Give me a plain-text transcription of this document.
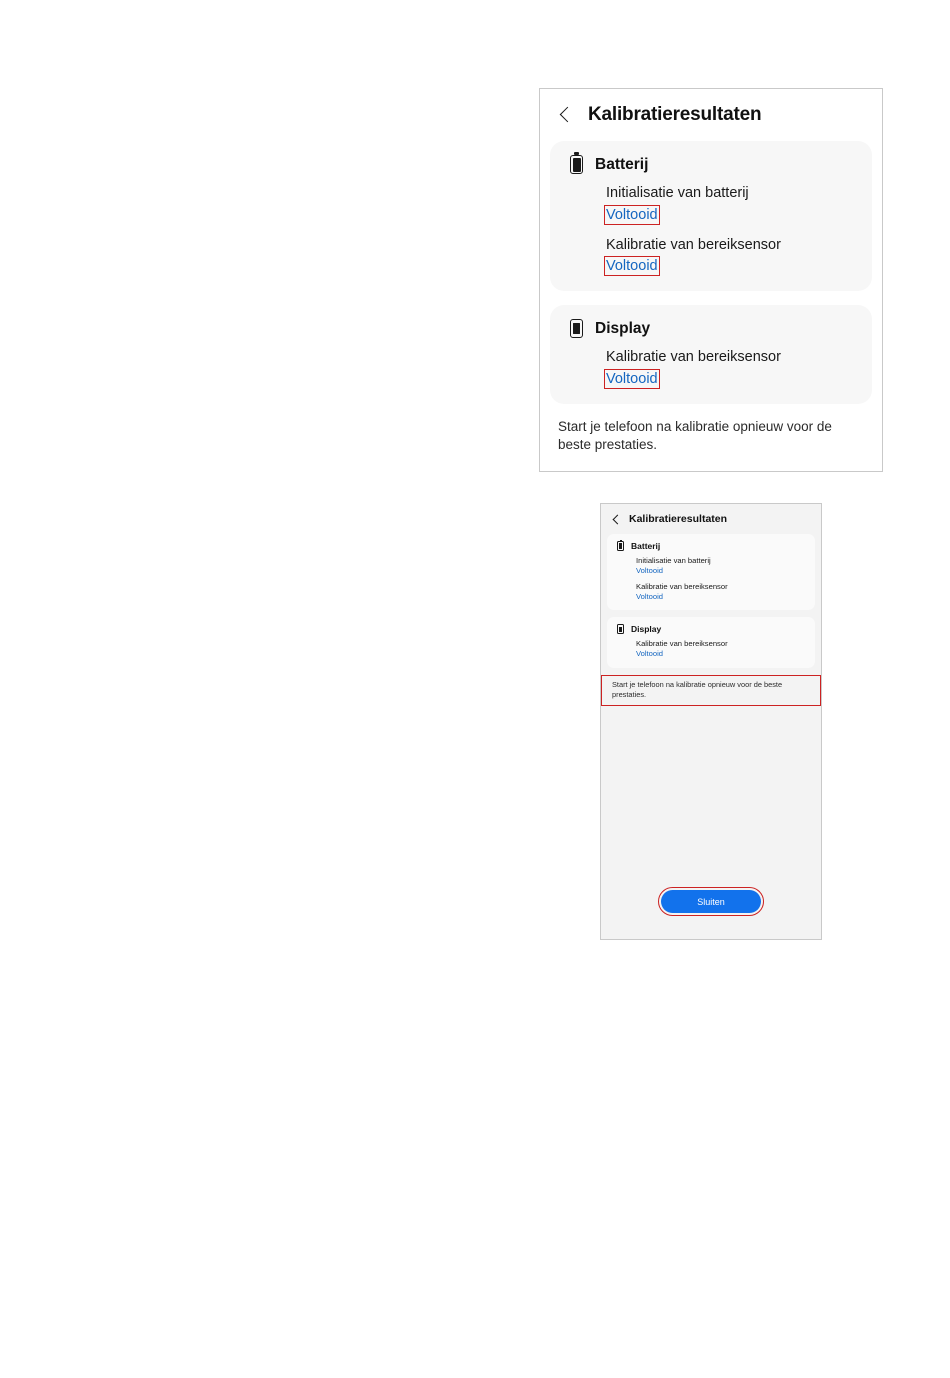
Kalibratieresultaten
Batterij
Initialisatie van batterij
Voltooid
Kalibratie van bereiksensor
Voltooid
Display
Kalibratie van bereiksensor
Voltooid
Start je telefoon na kalibratie opnieuw voor de beste prestaties.
Kalibratieresultaten
Batterij
Initialisatie van batterij
Voltooid
Kalibratie van bereiksensor
Voltooid
Display
Kalibratie van bereiksensor
Voltooid
Start je telefoon na kalibratie opnieuw voor de beste prestaties.
Sluiten
